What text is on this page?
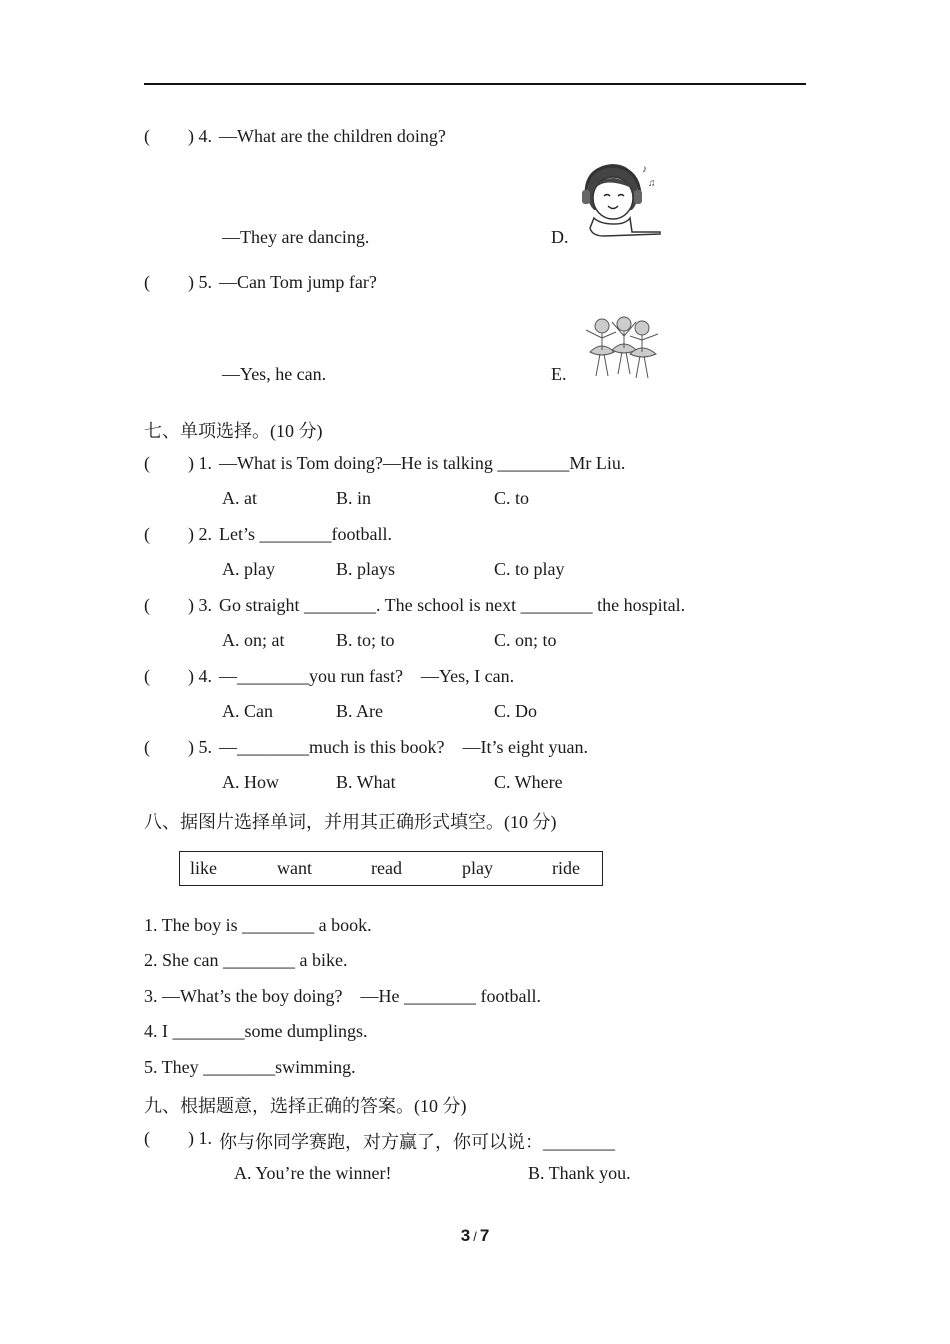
( ) 4. —What are the children doing?
—They are dancing.	D.
♪
♫
( ) 5. —Can Tom jump far?
—Yes, he can.	E.
七、单项选择。(10 分)
( ) 1. —What is Tom doing?—He is talking ________Mr Liu.
A. at	B. in	C. to
( ) 2. Let’s ________football.
A. play	B. plays	C. to play
( ) 3. Go straight ________. The school is next ________ the hospital.
A. on; at	B. to; to	C. on; to
( ) 4. —________you run fast?    —Yes, I can.
A. Can	B. Are	C. Do
( ) 5. —________much is this book?    —It’s eight yuan.
A. How	B. What	C. Where
八、据图片选择单词，并用其正确形式填空。(10 分)
like	want	read	play	ride
1. The boy is ________ a book.
2. She can ________ a bike.
3. —What’s the boy doing?    —He ________ football.
4. I ________some dumplings.
5. They ________swimming.
九、根据题意，选择正确的答案。(10 分)
( ) 1. 你与你同学赛跑，对方赢了，你可以说：________
A. You’re the winner!	B. Thank you.
3 / 7
